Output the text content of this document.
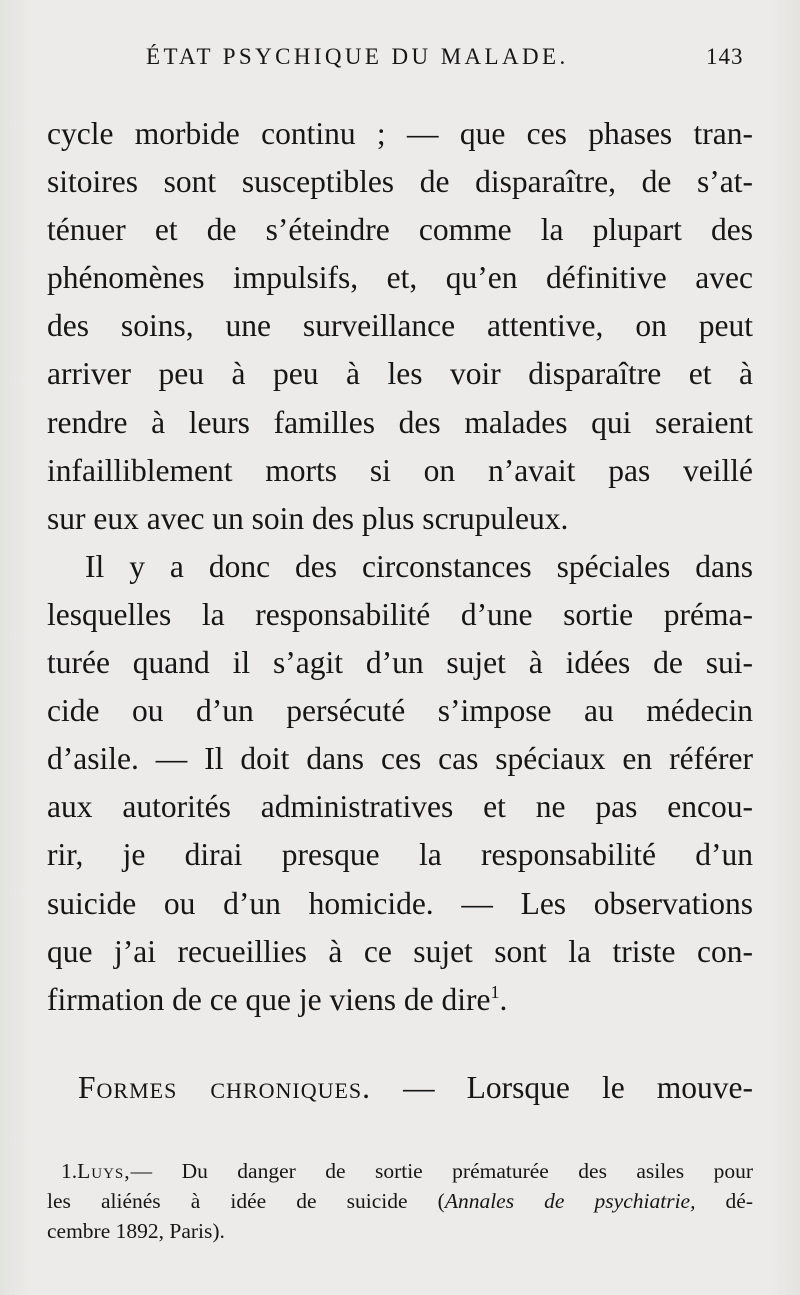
ÉTAT PSYCHIQUE DU MALADE.	143
cycle morbide continu ; — que ces phases tran-
sitoires sont susceptibles de disparaître, de s’at-
ténuer et de s’éteindre comme la plupart des
phénomènes impulsifs, et, qu’en définitive avec
des soins, une surveillance attentive, on peut
arriver peu à peu à les voir disparaître et à
rendre à leurs familles des malades qui seraient
infailliblement morts si on n’avait pas veillé
sur eux avec un soin des plus scrupuleux.
Il y a donc des circonstances spéciales dans
lesquelles la responsabilité d’une sortie préma-
turée quand il s’agit d’un sujet à idées de sui-
cide ou d’un persécuté s’impose au médecin
d’asile. — Il doit dans ces cas spéciaux en référer
aux autorités administratives et ne pas encou-
rir, je dirai presque la responsabilité d’un
suicide ou d’un homicide. — Les observations
que j’ai recueillies à ce sujet sont la triste con-
firmation de ce que je viens de dire$^1$.
Formes chroniques. — Lorsque le mouve-
1.Luys,— Du danger de sortie prématurée des asiles pour
les aliénés à idée de suicide (Annales de psychiatrie, dé-
cembre 1892, Paris).
